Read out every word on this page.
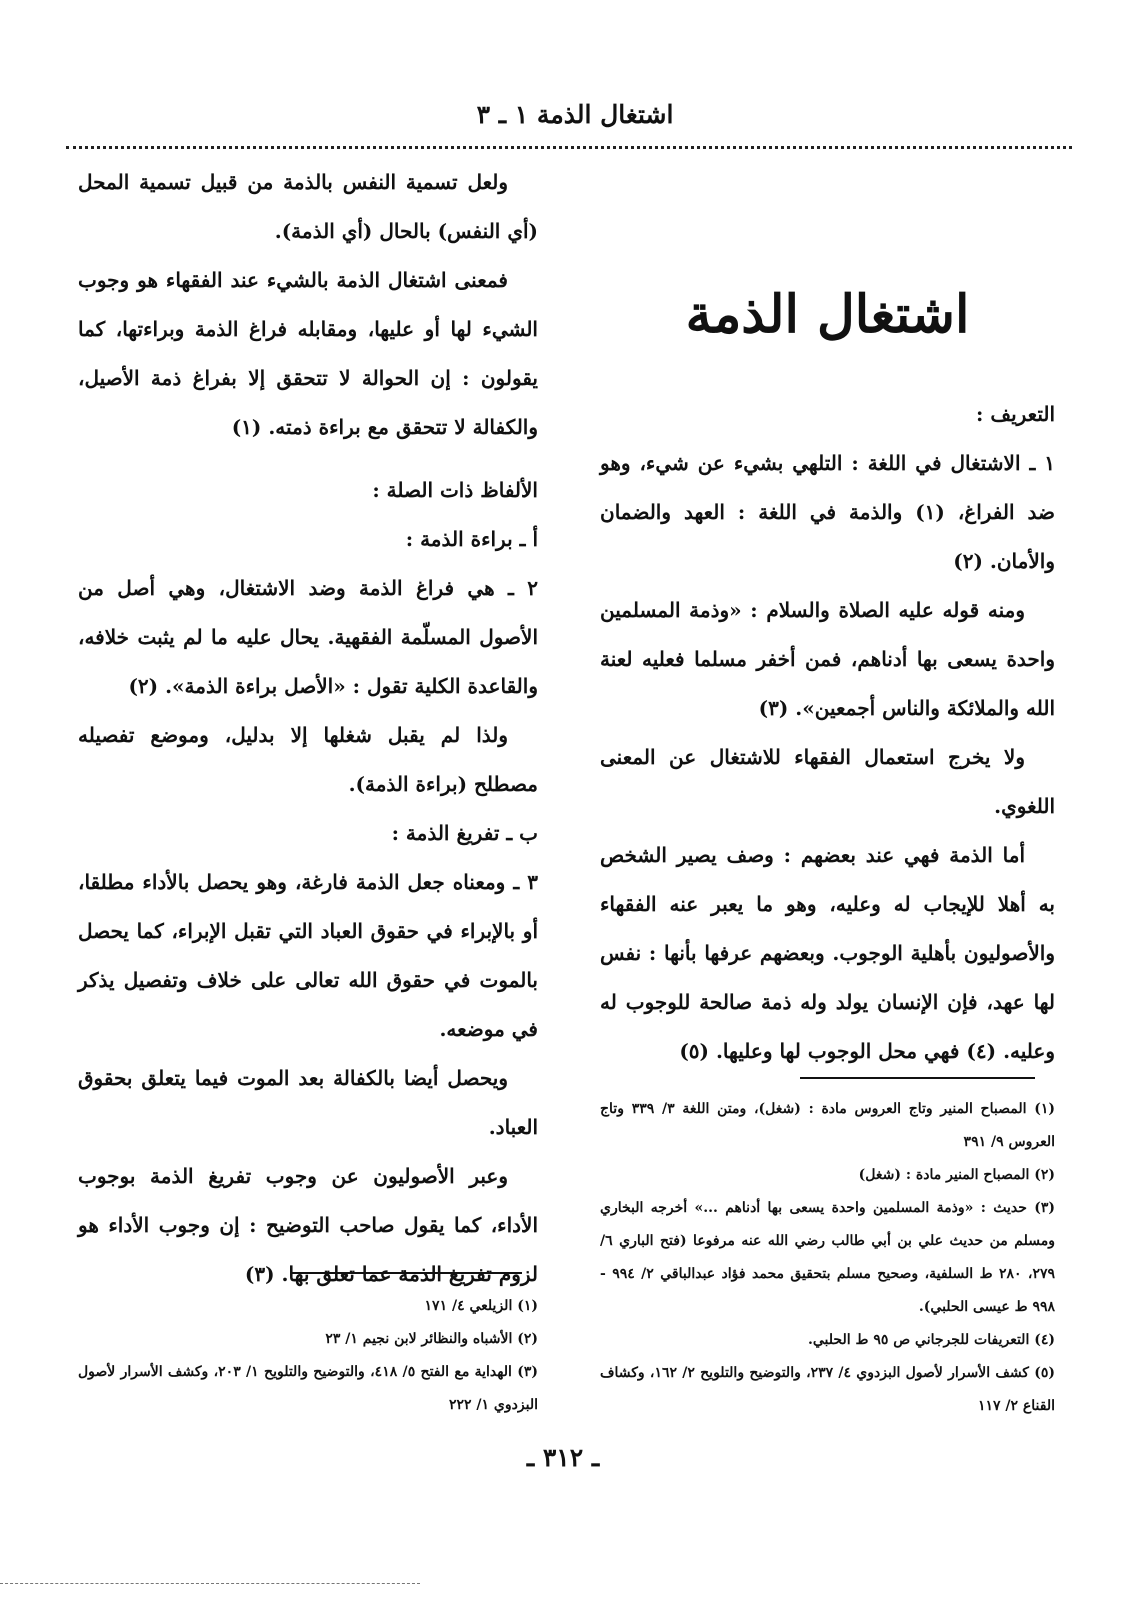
اشتغال الذمة ١ ـ ٣
اشتغال الذمة

التعريف :

١ ـ الاشتغال في اللغة : التلهي بشيء عن شيء، وهو ضد الفراغ، (١) والذمة في اللغة : العهد والضمان والأمان. (٢)

ومنه قوله عليه الصلاة والسلام : «وذمة المسلمين واحدة يسعى بها أدناهم، فمن أخفر مسلما فعليه لعنة الله والملائكة والناس أجمعين». (٣)

ولا يخرج استعمال الفقهاء للاشتغال عن المعنى اللغوي.

أما الذمة فهي عند بعضهم : وصف يصير الشخص به أهلا للإيجاب له وعليه، وهو ما يعبر عنه الفقهاء والأصوليون بأهلية الوجوب. وبعضهم عرفها بأنها : نفس لها عهد، فإن الإنسان يولد وله ذمة صالحة للوجوب له وعليه. (٤) فهي محل الوجوب لها وعليها. (٥)

(١) المصباح المنير وتاج العروس مادة : (شغل)، ومتن اللغة ٣/ ٣٣٩ وتاج العروس ٩/ ٣٩١

(٢) المصباح المنير مادة : (شغل)

(٣) حديث : «وذمة المسلمين واحدة يسعى بها أدناهم ...» أخرجه البخاري ومسلم من حديث علي بن أبي طالب رضي الله عنه مرفوعا (فتح الباري ٦/ ٢٧٩، ٢٨٠ ط السلفية، وصحيح مسلم بتحقيق محمد فؤاد عبدالباقي ٢/ ٩٩٤ - ٩٩٨ ط عيسى الحلبي).

(٤) التعريفات للجرجاني ص ٩٥ ط الحلبي.

(٥) كشف الأسرار لأصول البزدوي ٤/ ٢٣٧، والتوضيح والتلويح ٢/ ١٦٢، وكشاف القناع ٢/ ١١٧

ولعل تسمية النفس بالذمة من قبيل تسمية المحل (أي النفس) بالحال (أي الذمة).

فمعنى اشتغال الذمة بالشيء عند الفقهاء هو وجوب الشيء لها أو عليها، ومقابله فراغ الذمة وبراءتها، كما يقولون : إن الحوالة لا تتحقق إلا بفراغ ذمة الأصيل، والكفالة لا تتحقق مع براءة ذمته. (١)

الألفاظ ذات الصلة :

أ ـ براءة الذمة :

٢ ـ هي فراغ الذمة وضد الاشتغال، وهي أصل من الأصول المسلّمة الفقهية. يحال عليه ما لم يثبت خلافه، والقاعدة الكلية تقول : «الأصل براءة الذمة». (٢)

ولذا لم يقبل شغلها إلا بدليل، وموضع تفصيله مصطلح (براءة الذمة).

ب ـ تفريغ الذمة :

٣ ـ ومعناه جعل الذمة فارغة، وهو يحصل بالأداء مطلقا، أو بالإبراء في حقوق العباد التي تقبل الإبراء، كما يحصل بالموت في حقوق الله تعالى على خلاف وتفصيل يذكر في موضعه.

ويحصل أيضا بالكفالة بعد الموت فيما يتعلق بحقوق العباد.

وعبر الأصوليون عن وجوب تفريغ الذمة بوجوب الأداء، كما يقول صاحب التوضيح : إن وجوب الأداء هو لزوم تفريغ الذمة عما تعلق بها. (٣)

(١) الزيلعي ٤/ ١٧١

(٢) الأشباه والنظائر لابن نجيم ١/ ٢٣

(٣) الهداية مع الفتح ٥/ ٤١٨، والتوضيح والتلويح ١/ ٢٠٣، وكشف الأسرار لأصول البزدوي ١/ ٢٢٢

ـ ٣١٢ ـ
